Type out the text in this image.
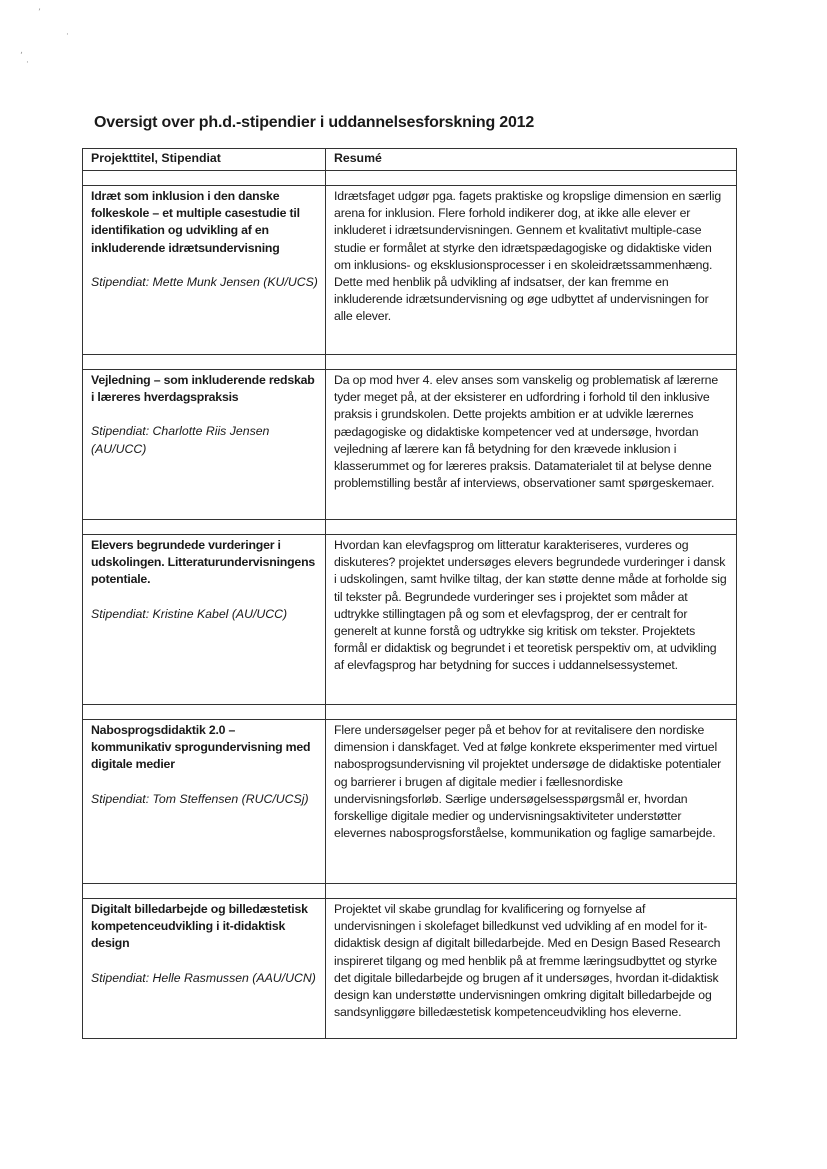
’
·
‚
·
Oversigt over ph.d.-stipendier i uddannelsesforskning 2012
Projekttitel, Stipendiat	Resumé

Idræt som inklusion i den danske folkeskole – et multiple casestudie til identifikation og udvikling af en inkluderende idrætsundervisning
Stipendiat: Mette Munk Jensen (KU/UCS)	Idrætsfaget udgør pga. fagets praktiske og kropslige dimension en særlig arena for inklusion. Flere forhold indikerer dog, at ikke alle elever er inkluderet i idrætsundervisningen. Gennem et kvalitativt multiple-case studie er formålet at styrke den idrætspædagogiske og didaktiske viden om inklusions- og eksklusionsprocesser i en skoleidrætssammenhæng. Dette med henblik på udvikling af indsatser, der kan fremme en inkluderende idrætsundervisning og øge udbyttet af undervisningen for alle elever.

Vejledning – som inkluderende redskab i læreres hverdagspraksis
Stipendiat: Charlotte Riis Jensen (AU/UCC)	Da op mod hver 4. elev anses som vanskelig og problematisk af lærerne tyder meget på, at der eksisterer en udfordring i forhold til den inklusive praksis i grundskolen. Dette projekts ambition er at udvikle lærernes pædagogiske og didaktiske kompetencer ved at undersøge, hvordan vejledning af lærere kan få betydning for den krævede inklusion i klasserummet og for læreres praksis. Datamaterialet til at belyse denne problemstilling består af interviews, observationer samt spørgeskemaer.

Elevers begrundede vurderinger i udskolingen. Litteraturundervisningens potentiale.
Stipendiat: Kristine Kabel (AU/UCC)	Hvordan kan elevfagsprog om litteratur karakteriseres, vurderes og diskuteres? projektet undersøges elevers begrundede vurderinger i dansk i udskolingen, samt hvilke tiltag, der kan støtte denne måde at forholde sig til tekster på. Begrundede vurderinger ses i projektet som måder at udtrykke stillingtagen på og som et elevfagsprog, der er centralt for generelt at kunne forstå og udtrykke sig kritisk om tekster. Projektets formål er didaktisk og begrundet i et teoretisk perspektiv om, at udvikling af elevfagsprog har betydning for succes i uddannelsessystemet.

Nabosprogsdidaktik 2.0 – kommunikativ sprogundervisning med digitale medier
Stipendiat: Tom Steffensen (RUC/UCSj)	Flere undersøgelser peger på et behov for at revitalisere den nordiske dimension i danskfaget. Ved at følge konkrete eksperimenter med virtuel nabosprogsundervisning vil projektet undersøge de didaktiske potentialer og barrierer i brugen af digitale medier i fællesnordiske undervisningsforløb. Særlige undersøgelsesspørgsmål er, hvordan forskellige digitale medier og undervisningsaktiviteter understøtter elevernes nabosprogsforståelse, kommunikation og faglige samarbejde.

Digitalt billedarbejde og billedæstetisk kompetenceudvikling i it-didaktisk design
Stipendiat: Helle Rasmussen (AAU/UCN)	Projektet vil skabe grundlag for kvalificering og fornyelse af undervisningen i skolefaget billedkunst ved udvikling af en model for it-didaktisk design af digitalt billedarbejde. Med en Design Based Research inspireret tilgang og med henblik på at fremme læringsudbyttet og styrke det digitale billedarbejde og brugen af it undersøges, hvordan it-didaktisk design kan understøtte undervisningen omkring digitalt billedarbejde og sandsynliggøre billedæstetisk kompetenceudvikling hos eleverne.
